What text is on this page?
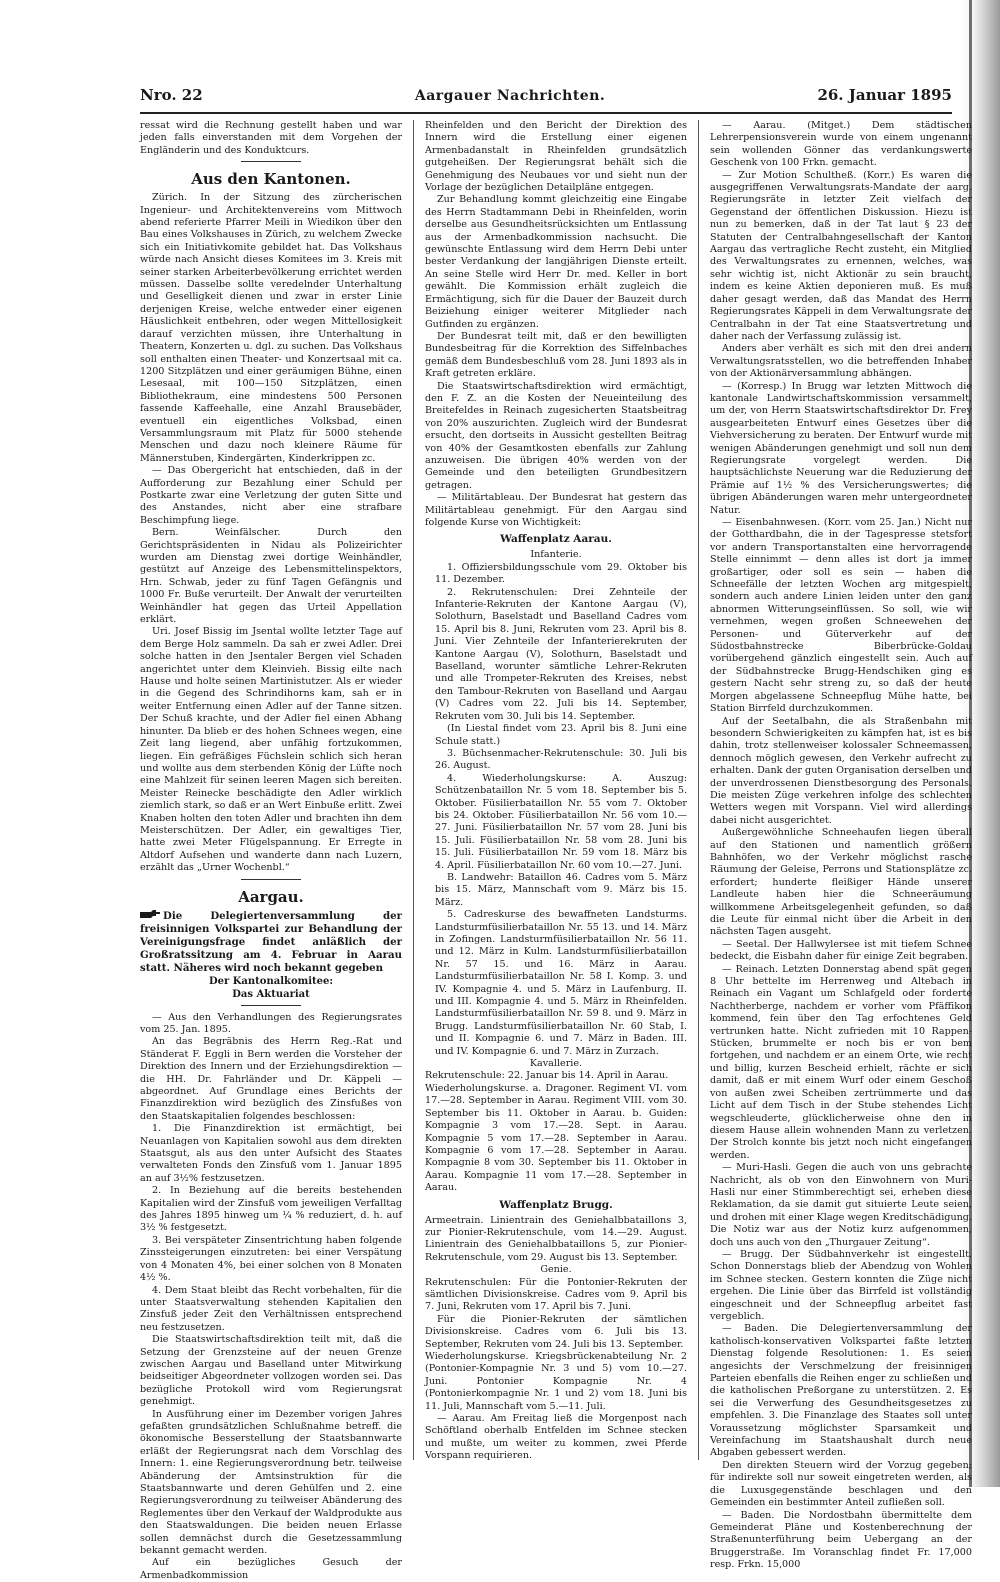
Nro. 22	Aargauer Nachrichten.	26. Januar 1895

ressat wird die Rechnung gestellt haben und war jeden falls einverstanden mit dem Vorgehen der Engländerin und des Konduktcurs.

Aus den Kantonen.

Zürich. In der Sitzung des zürcherischen Ingenieur- und Architektenvereins vom Mittwoch abend referierte Pfarrer Meili in Wiedikon über den Bau eines Volkshauses in Zürich, zu welchem Zwecke sich ein Initiativkomite gebildet hat. Das Volkshaus würde nach Ansicht dieses Komitees im 3. Kreis mit seiner starken Arbeiterbevölkerung errichtet werden müssen. Dasselbe sollte veredelnder Unterhaltung und Geselligkeit dienen und zwar in erster Linie derjenigen Kreise, welche entweder einer eigenen Häuslichkeit entbehren, oder wegen Mittellosigkeit darauf verzichten müssen, ihre Unterhaltung in Theatern, Konzerten u. dgl. zu suchen. Das Volkshaus soll enthalten einen Theater- und Konzertsaal mit ca. 1200 Sitzplätzen und einer geräumigen Bühne, einen Lesesaal, mit 100—150 Sitzplätzen, einen Bibliothekraum, eine mindestens 500 Personen fassende Kaffeehalle, eine Anzahl Brausebäder, eventuell ein eigentliches Volksbad, einen Versammlungsraum mit Platz für 5000 stehende Menschen und dazu noch kleinere Räume für Männerstuben, Kindergärten, Kinderkrippen zc.

— Das Obergericht hat entschieden, daß in der Aufforderung zur Bezahlung einer Schuld per Postkarte zwar eine Verletzung der guten Sitte und des Anstandes, nicht aber eine strafbare Beschimpfung liege.

Bern. Weinfälscher. Durch den Gerichtspräsidenten in Nidau als Polizeirichter wurden am Dienstag zwei dortige Weinhändler, gestützt auf Anzeige des Lebensmittelinspektors, Hrn. Schwab, jeder zu fünf Tagen Gefängnis und 1000 Fr. Buße verurteilt. Der Anwalt der verurteilten Weinhändler hat gegen das Urteil Appellation erklärt.

Uri. Josef Bissig im Jsental wollte letzter Tage auf dem Berge Holz sammeln. Da sah er zwei Adler. Drei solche hatten in den Jsentaler Bergen viel Schaden angerichtet unter dem Kleinvieh. Bissig eilte nach Hause und holte seinen Martinistutzer. Als er wieder in die Gegend des Schrindihorns kam, sah er in weiter Entfernung einen Adler auf der Tanne sitzen. Der Schuß krachte, und der Adler fiel einen Abhang hinunter. Da blieb er des hohen Schnees wegen, eine Zeit lang liegend, aber unfähig fortzukommen, liegen. Ein gefräßiges Füchslein schlich sich heran und wollte aus dem sterbenden König der Lüfte noch eine Mahlzeit für seinen leeren Magen sich bereiten. Meister Reinecke beschädigte den Adler wirklich ziemlich stark, so daß er an Wert Einbuße erlitt. Zwei Knaben holten den toten Adler und brachten ihn dem Meisterschützen. Der Adler, ein gewaltiges Tier, hatte zwei Meter Flügelspannung. Er Erregte in Altdorf Aufsehen und wanderte dann nach Luzern, erzählt das „Urner Wochenbl.“

Aargau.
Die Delegiertenversammlung der freisinnigen Volkspartei zur Behandlung der Vereinigungsfrage findet anläßlich der Großratssitzung am 4. Februar in Aarau statt. Näheres wird noch bekannt gegeben
Der Kantonalkomitee:
Das Aktuariat

— Aus den Verhandlungen des Regierungsrates vom 25. Jan. 1895.

An das Begräbnis des Herrn Reg.-Rat und Ständerat F. Eggli in Bern werden die Vorsteher der Direktion des Innern und der Erziehungsdirektion — die HH. Dr. Fahrländer und Dr. Käppeli — abgeordnet. Auf Grundlage eines Berichts der Finanzdirektion wird bezüglich des Zinsfußes von den Staatskapitalien folgendes beschlossen:

1. Die Finanzdirektion ist ermächtigt, bei Neuanlagen von Kapitalien sowohl aus dem direkten Staatsgut, als aus den unter Aufsicht des Staates verwalteten Fonds den Zinsfuß vom 1. Januar 1895 an auf 3½% festzusetzen.

2. In Beziehung auf die bereits bestehenden Kapitalien wird der Zinsfuß vom jeweiligen Verfalltag des Jahres 1895 hinweg um ¼ % reduziert, d. h. auf 3½ % festgesetzt.

3. Bei verspäteter Zinsentrichtung haben folgende Zinssteigerungen einzutreten: bei einer Verspätung von 4 Monaten 4%, bei einer solchen von 8 Monaten 4½ %.

4. Dem Staat bleibt das Recht vorbehalten, für die unter Staatsverwaltung stehenden Kapitalien den Zinsfuß jeder Zeit den Verhältnissen entsprechend neu festzusetzen.

Die Staatswirtschaftsdirektion teilt mit, daß die Setzung der Grenzsteine auf der neuen Grenze zwischen Aargau und Baselland unter Mitwirkung beidseitiger Abgeordneter vollzogen worden sei. Das bezügliche Protokoll wird vom Regierungsrat genehmigt.

In Ausführung einer im Dezember vorigen Jahres gefaßten grundsätzlichen Schlußnahme betreff. die ökonomische Besserstellung der Staatsbannwarte erläßt der Regierungsrat nach dem Vorschlag des Innern: 1. eine Regierungsverordnung betr. teilweise Abänderung der Amtsinstruktion für die Staatsbannwarte und deren Gehülfen und 2. eine Regierungsverordnung zu teilweiser Abänderung des Reglementes über den Verkauf der Waldprodukte aus den Staatswaldungen. Die beiden neuen Erlasse sollen demnächst durch die Gesetzessammlung bekannt gemacht werden.

Auf ein bezügliches Gesuch der Armenbadkommission

Rheinfelden und den Bericht der Direktion des Innern wird die Erstellung einer eigenen Armenbadanstalt in Rheinfelden grundsätzlich gutgeheißen. Der Regierungsrat behält sich die Genehmigung des Neubaues vor und sieht nun der Vorlage der bezüglichen Detailpläne entgegen.

Zur Behandlung kommt gleichzeitig eine Eingabe des Herrn Stadtammann Debi in Rheinfelden, worin derselbe aus Gesundheitsrücksichten um Entlassung aus der Armenbadkommission nachsucht. Die gewünschte Entlassung wird dem Herrn Debi unter bester Verdankung der langjährigen Dienste erteilt. An seine Stelle wird Herr Dr. med. Keller in bort gewählt. Die Kommission erhält zugleich die Ermächtigung, sich für die Dauer der Bauzeit durch Beiziehung einiger weiterer Mitglieder nach Gutfinden zu ergänzen.

Der Bundesrat teilt mit, daß er den bewilligten Bundesbeitrag für die Korrektion des Siffelnbaches gemäß dem Bundesbeschluß vom 28. Juni 1893 als in Kraft getreten erkläre.

Die Staatswirtschaftsdirektion wird ermächtigt, den F. Z. an die Kosten der Neueinteilung des Breitefeldes in Reinach zugesicherten Staatsbeitrag von 20% auszurichten. Zugleich wird der Bundesrat ersucht, den dortseits in Aussicht gestellten Beitrag von 40% der Gesamtkosten ebenfalls zur Zahlung anzuweisen. Die übrigen 40% werden von der Gemeinde und den beteiligten Grundbesitzern getragen.

— Militärtableau. Der Bundesrat hat gestern das Militärtableau genehmigt. Für den Aargau sind folgende Kurse von Wichtigkeit:

Waffenplatz Aarau.
Infanterie.

1. Offiziersbildungsschule vom 29. Oktober bis 11. Dezember.

2. Rekrutenschulen: Drei Zehnteile der Infanterie-Rekruten der Kantone Aargau (V), Solothurn, Baselstadt und Baselland Cadres vom 15. April bis 8. Juni, Rekruten vom 23. April bis 8. Juni. Vier Zehnteile der Infanterierekruten der Kantone Aargau (V), Solothurn, Baselstadt und Baselland, worunter sämtliche Lehrer-Rekruten und alle Trompeter-Rekruten des Kreises, nebst den Tambour-Rekruten von Baselland und Aargau (V) Cadres vom 22. Juli bis 14. September, Rekruten vom 30. Juli bis 14. September.

(In Liestal findet vom 23. April bis 8. Juni eine Schule statt.)

3. Büchsenmacher-Rekrutenschule: 30. Juli bis 26. August.

4. Wiederholungskurse: A. Auszug: Schützenbataillon Nr. 5 vom 18. September bis 5. Oktober. Füsilierbataillon Nr. 55 vom 7. Oktober bis 24. Oktober. Füsilierbataillon Nr. 56 vom 10.—27. Juni. Füsilierbataillon Nr. 57 vom 28. Juni bis 15. Juli. Füsilierbataillon Nr. 58 vom 28. Juni bis 15. Juli. Füsilierbataillon Nr. 59 vom 18. März bis 4. April. Füsilierbataillon Nr. 60 vom 10.—27. Juni.

B. Landwehr: Bataillon 46. Cadres vom 5. März bis 15. März, Mannschaft vom 9. März bis 15. März.

5. Cadreskurse des bewaffneten Landsturms. Landsturmfüsilierbataillon Nr. 55 13. und 14. März in Zofingen. Landsturmfüsilierbataillon Nr. 56 11. und 12. März in Kulm. Landsturmfüsilierbataillon Nr. 57 15. und 16. März in Aarau. Landsturmfüsilierbataillon Nr. 58 I. Komp. 3. und IV. Kompagnie 4. und 5. März in Laufenburg. II. und III. Kompagnie 4. und 5. März in Rheinfelden. Landsturmfüsilierbataillon Nr. 59 8. und 9. März in Brugg. Landsturmfüsilierbataillon Nr. 60 Stab, I. und II. Kompagnie 6. und 7. März in Baden. III. und IV. Kompagnie 6. und 7. März in Zurzach.

Kavallerie.

Rekrutenschule: 22. Januar bis 14. April in Aarau.

Wiederholungskurse. a. Dragoner. Regiment VI. vom 17.—28. September in Aarau. Regiment VIII. vom 30. September bis 11. Oktober in Aarau. b. Guiden: Kompagnie 3 vom 17.—28. Sept. in Aarau. Kompagnie 5 vom 17.—28. September in Aarau. Kompagnie 6 vom 17.—28. September in Aarau. Kompagnie 8 vom 30. September bis 11. Oktober in Aarau. Kompagnie 11 vom 17.—28. September in Aarau.

Waffenplatz Brugg.

Armeetrain. Linientrain des Geniehalbbataillons 3, zur Pionier-Rekrutenschule, vom 14.—29. August. Linientrain des Geniehalbbataillons 5, zur Pionier-Rekrutenschule, vom 29. August bis 13. September.

Genie.

Rekrutenschulen: Für die Pontonier-Rekruten der sämtlichen Divisionskreise. Cadres vom 9. April bis 7. Juni, Rekruten vom 17. April bis 7. Juni.

Für die Pionier-Rekruten der sämtlichen Divisionskreise. Cadres vom 6. Juli bis 13. September, Rekruten vom 24. Juli bis 13. September.

Wiederholungskurse. Kriegsbrückenabteilung Nr. 2 (Pontonier-Kompagnie Nr. 3 und 5) vom 10.—27. Juni. Pontonier Kompagnie Nr. 4 (Pontonierkompagnie Nr. 1 und 2) vom 18. Juni bis 11. Juli, Mannschaft vom 5.—11. Juli.

— Aarau. Am Freitag ließ die Morgenpost nach Schöftland oberhalb Entfelden im Schnee stecken und mußte, um weiter zu kommen, zwei Pferde Vorspann requirieren.

— Aarau. (Mitget.) Dem städtischen Lehrerpensionsverein wurde von einem ungenannt sein wollenden Gönner das verdankungswerte Geschenk von 100 Frkn. gemacht.

— Zur Motion Schultheß. (Korr.) Es waren die ausgegriffenen Verwaltungsrats-Mandate der aarg. Regierungsräte in letzter Zeit vielfach der Gegenstand der öffentlichen Diskussion. Hiezu ist nun zu bemerken, daß in der Tat laut § 23 der Statuten der Centralbahngesellschaft der Kanton Aargau das vertragliche Recht zusteht, ein Mitglied des Verwaltungsrates zu ernennen, welches, was sehr wichtig ist, nicht Aktionär zu sein braucht, indem es keine Aktien deponieren muß. Es muß daher gesagt werden, daß das Mandat des Herrn Regierungsrates Käppeli in dem Verwaltungsrate der Centralbahn in der Tat eine Staatsvertretung und daher nach der Verfassung zulässig ist.

Anders aber verhält es sich mit den drei andern Verwaltungsratsstellen, wo die betreffenden Inhaber von der Aktionärversammlung abhängen.

— (Korresp.) In Brugg war letzten Mittwoch die kantonale Landwirtschaftskommission versammelt, um der, von Herrn Staatswirtschaftsdirektor Dr. Frey ausgearbeiteten Entwurf eines Gesetzes über die Viehversicherung zu beraten. Der Entwurf wurde mit wenigen Abänderungen genehmigt und soll nun dem Regierungsrate vorgelegt werden. Die hauptsächlichste Neuerung war die Reduzierung der Prämie auf 1½ % des Versicherungswertes; die übrigen Abänderungen waren mehr untergeordneter Natur.

— Eisenbahnwesen. (Korr. vom 25. Jan.) Nicht nur der Gotthardbahn, die in der Tagespresse stetsfort vor andern Transportanstalten eine hervorragende Stelle einnimmt — denn alles ist dort ja immer großartiger, oder soll es sein — haben die Schneefälle der letzten Wochen arg mitgespielt, sondern auch andere Linien leiden unter den ganz abnormen Witterungseinflüssen. So soll, wie wir vernehmen, wegen großen Schneewehen der Personen- und Güterverkehr auf der Südostbahnstrecke Biberbrücke-Goldau vorübergehend gänzlich eingestellt sein. Auch auf der Südbahnstrecke Brugg-Hendschiken ging es gestern Nacht sehr streng zu, so daß der heute Morgen abgelassene Schneepflug Mühe hatte, bei Station Birrfeld durchzukommen.

Auf der Seetalbahn, die als Straßenbahn mit besondern Schwierigkeiten zu kämpfen hat, ist es bis dahin, trotz stellenweiser kolossaler Schneemassen, dennoch möglich gewesen, den Verkehr aufrecht zu erhalten. Dank der guten Organisation derselben und der unverdrossenen Dienstbesorgung des Personals. Die meisten Züge verkehren infolge des schlechten Wetters wegen mit Vorspann. Viel wird allerdings dabei nicht ausgerichtet.

Außergewöhnliche Schneehaufen liegen überall auf den Stationen und namentlich größern Bahnhöfen, wo der Verkehr möglichst rasche Räumung der Geleise, Perrons und Stationsplätze zc. erfordert; hunderte fleißiger Hände unserer Landleute haben hier die Schneeräumung willkommene Arbeitsgelegenheit gefunden, so daß die Leute für einmal nicht über die Arbeit in den nächsten Tagen ausgeht.

— Seetal. Der Hallwylersee ist mit tiefem Schnee bedeckt, die Eisbahn daher für einige Zeit begraben.

— Reinach. Letzten Donnerstag abend spät gegen 8 Uhr bettelte im Herrenweg und Altebach in Reinach ein Vagant um Schlafgeld oder forderte Nachtherberge, nachdem er vorher vom Pfäffikon kommend, fein über den Tag erfochtenes Geld vertrunken hatte. Nicht zufrieden mit 10 Rappen-Stücken, brummelte er noch bis er von bem fortgehen, und nachdem er an einem Orte, wie recht und billig, kurzen Bescheid erhielt, rächte er sich damit, daß er mit einem Wurf oder einem Geschoß von außen zwei Scheiben zertrümmerte und das Licht auf dem Tisch in der Stube stehendes Licht wegschleuderte, glücklicherweise ohne den in diesem Hause allein wohnenden Mann zu verletzen. Der Strolch konnte bis jetzt noch nicht eingefangen werden.

— Muri-Hasli. Gegen die auch von uns gebrachte Nachricht, als ob von den Einwohnern von Muri-Hasli nur einer Stimmberechtigt sei, erheben diese Reklamation, da sie damit gut situierte Leute seien, und drohen mit einer Klage wegen Kreditschädigung. Die Notiz war aus der Notiz kurz aufgenommen, doch uns auch von den „Thurgauer Zeitung“.

— Brugg. Der Südbahnverkehr ist eingestellt. Schon Donnerstags blieb der Abendzug von Wohlen im Schnee stecken. Gestern konnten die Züge nicht ergehen. Die Linie über das Birrfeld ist vollständig eingeschneit und der Schneepflug arbeitet fast vergeblich.

— Baden. Die Delegiertenversammlung der katholisch-konservativen Volkspartei faßte letzten Dienstag folgende Resolutionen: 1. Es seien angesichts der Verschmelzung der freisinnigen Parteien ebenfalls die Reihen enger zu schließen und die katholischen Preßorgane zu unterstützen. 2. Es sei die Verwerfung des Gesundheitsgesetzes zu empfehlen. 3. Die Finanzlage des Staates soll unter Voraussetzung möglichster Sparsamkeit und Vereinfachung im Staatshaushalt durch neue Abgaben gebessert werden.

Den direkten Steuern wird der Vorzug gegeben; für indirekte soll nur soweit eingetreten werden, als die Luxusgegenstände beschlagen und den Gemeinden ein bestimmter Anteil zufließen soll.

— Baden. Die Nordostbahn übermittelte dem Gemeinderat Pläne und Kostenberechnung der Straßenunterführung beim Uebergang an der Bruggerstraße. Im Voranschlag findet Fr. 17,000 resp. Frkn. 15,000
